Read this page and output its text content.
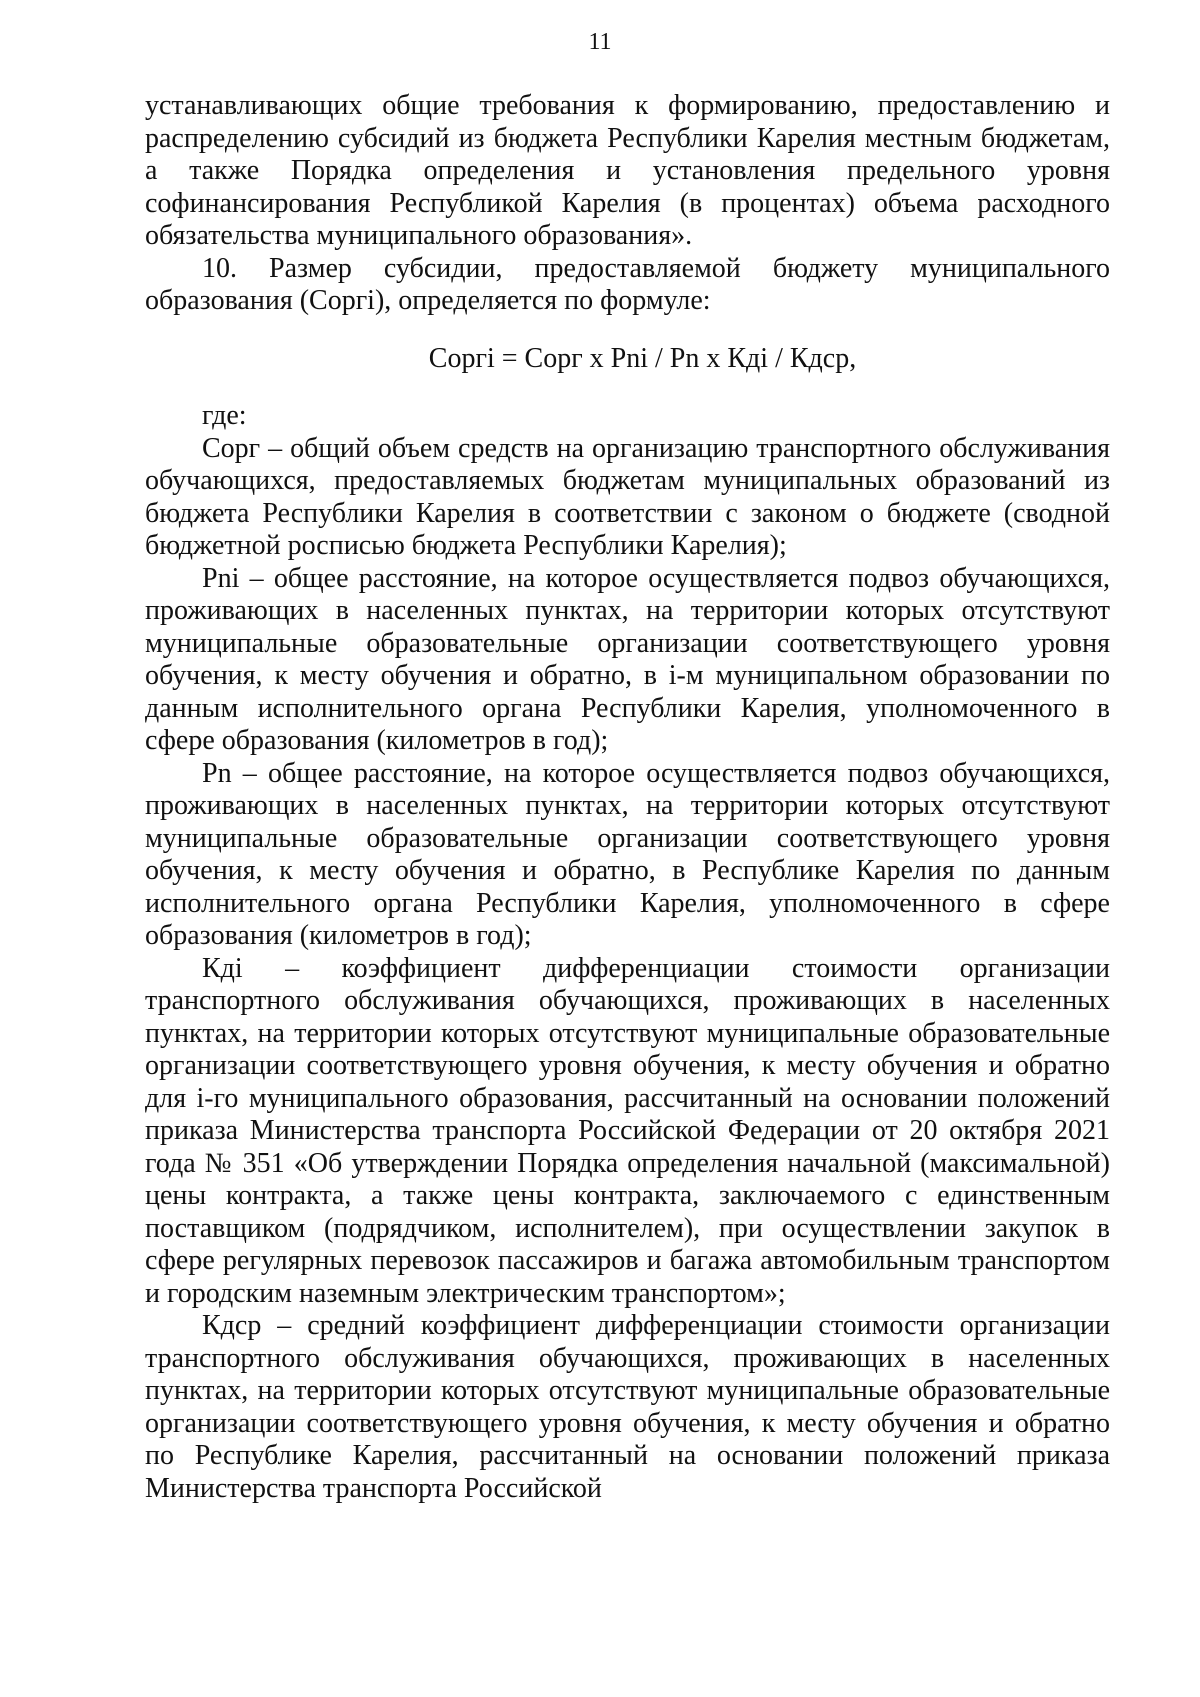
11

устанавливающих общие требования к формированию, предоставлению и распределению субсидий из бюджета Республики Карелия местным бюджетам, а также Порядка определения и установления предельного уровня софинансирования Республикой Карелия (в процентах) объема расходного обязательства муниципального образования».

10. Размер субсидии, предоставляемой бюджету муниципального образования (Соргi), определяется по формуле:

Соргi = Сорг х Pni / Pn х Кдi / Кдср,

где:

Сорг – общий объем средств на организацию транспортного обслуживания обучающихся, предоставляемых бюджетам муниципальных образований из бюджета Республики Карелия в соответствии с законом о бюджете (сводной бюджетной росписью бюджета Республики Карелия);

Pni – общее расстояние, на которое осуществляется подвоз обучающихся, проживающих в населенных пунктах, на территории которых отсутствуют муниципальные образовательные организации соответствующего уровня обучения, к месту обучения и обратно, в i-м муниципальном образовании по данным исполнительного органа Республики Карелия, уполномоченного в сфере образования (километров в год);

Pn – общее расстояние, на которое осуществляется подвоз обучающихся, проживающих в населенных пунктах, на территории которых отсутствуют муниципальные образовательные организации соответствующего уровня обучения, к месту обучения и обратно, в Республике Карелия по данным исполнительного органа Республики Карелия, уполномоченного в сфере образования (километров в год);

Кдi – коэффициент дифференциации стоимости организации транспортного обслуживания обучающихся, проживающих в населенных пунктах, на территории которых отсутствуют муниципальные образовательные организации соответствующего уровня обучения, к месту обучения и обратно для i-го муниципального образования, рассчитанный на основании положений приказа Министерства транспорта Российской Федерации от 20 октября 2021 года № 351 «Об утверждении Порядка определения начальной (максимальной) цены контракта, а также цены контракта, заключаемого с единственным поставщиком (подрядчиком, исполнителем), при осуществлении закупок в сфере регулярных перевозок пассажиров и багажа автомобильным транспортом и городским наземным электрическим транспортом»;

Кдср – средний коэффициент дифференциации стоимости организации транспортного обслуживания обучающихся, проживающих в населенных пунктах, на территории которых отсутствуют муниципальные образовательные организации соответствующего уровня обучения, к месту обучения и обратно по Республике Карелия, рассчитанный на основании положений приказа Министерства транспорта Российской
